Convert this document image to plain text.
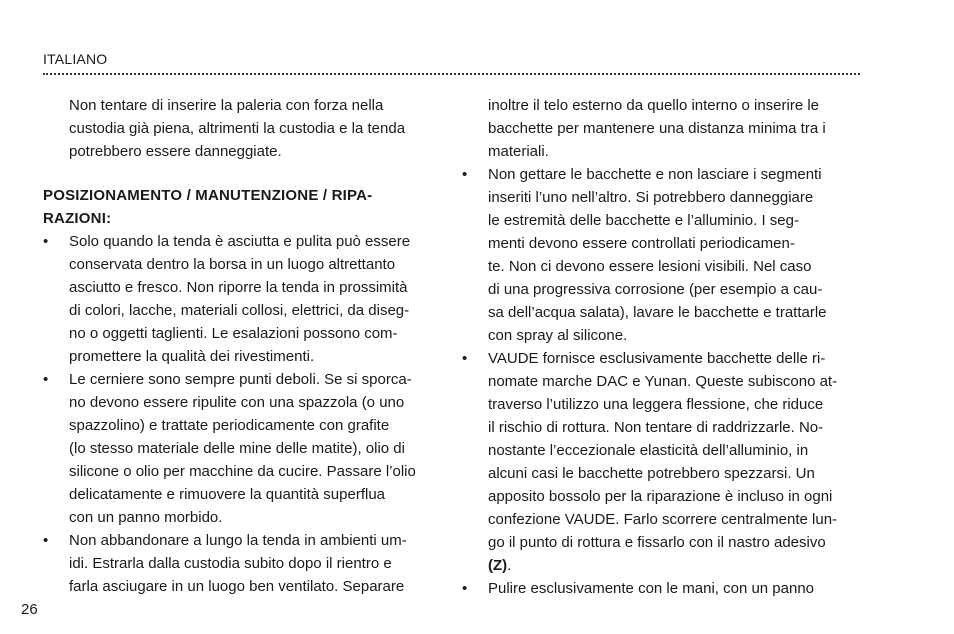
ITALIANO
Non tentare di inserire la paleria con forza nella
custodia già piena, altrimenti la custodia e la tenda
potrebbero essere danneggiate.
POSIZIONAMENTO / MANUTENZIONE / RIPA-
RAZIONI:
•	Solo quando la tenda è asciutta e pulita può essere
conservata dentro la borsa in un luogo altrettanto
asciutto e fresco. Non riporre la tenda in prossimità
di colori, lacche, materiali collosi, elettrici, da diseg-
no o oggetti taglienti. Le esalazioni possono com-
promettere la qualità dei rivestimenti.
•	Le cerniere sono sempre punti deboli. Se si sporca-
no devono essere ripulite con una spazzola (o uno
spazzolino) e trattate periodicamente con grafite
(lo stesso materiale delle mine delle matite), olio di
silicone o olio per macchine da cucire. Passare l’olio
delicatamente e rimuovere la quantità superflua
con un panno morbido.
•	Non abbandonare a lungo la tenda in ambienti um-
idi. Estrarla dalla custodia subito dopo il rientro e
farla asciugare in un luogo ben ventilato. Separare
inoltre il telo esterno da quello interno o inserire le
bacchette per mantenere una distanza minima tra i
materiali.
•	Non gettare le bacchette e non lasciare i segmenti
inseriti l’uno nell’altro. Si potrebbero danneggiare
le estremità delle bacchette e l’alluminio. I seg-
menti devono essere controllati periodicamen-
te. Non ci devono essere lesioni visibili. Nel caso
di una progressiva corrosione (per esempio a cau-
sa dell’acqua salata), lavare le bacchette e trattarle
con spray al silicone.
•	VAUDE fornisce esclusivamente bacchette delle ri-
nomate marche DAC e Yunan. Queste subiscono at-
traverso l’utilizzo una leggera flessione, che riduce
il rischio di rottura. Non tentare di raddrizzarle. No-
nostante l’eccezionale elasticità dell’alluminio, in
alcuni casi le bacchette potrebbero spezzarsi. Un
apposito bossolo per la riparazione è incluso in ogni
confezione VAUDE. Farlo scorrere centralmente lun-
go il punto di rottura e fissarlo con il nastro adesivo
(Z).
•	Pulire esclusivamente con le mani, con un panno
26
